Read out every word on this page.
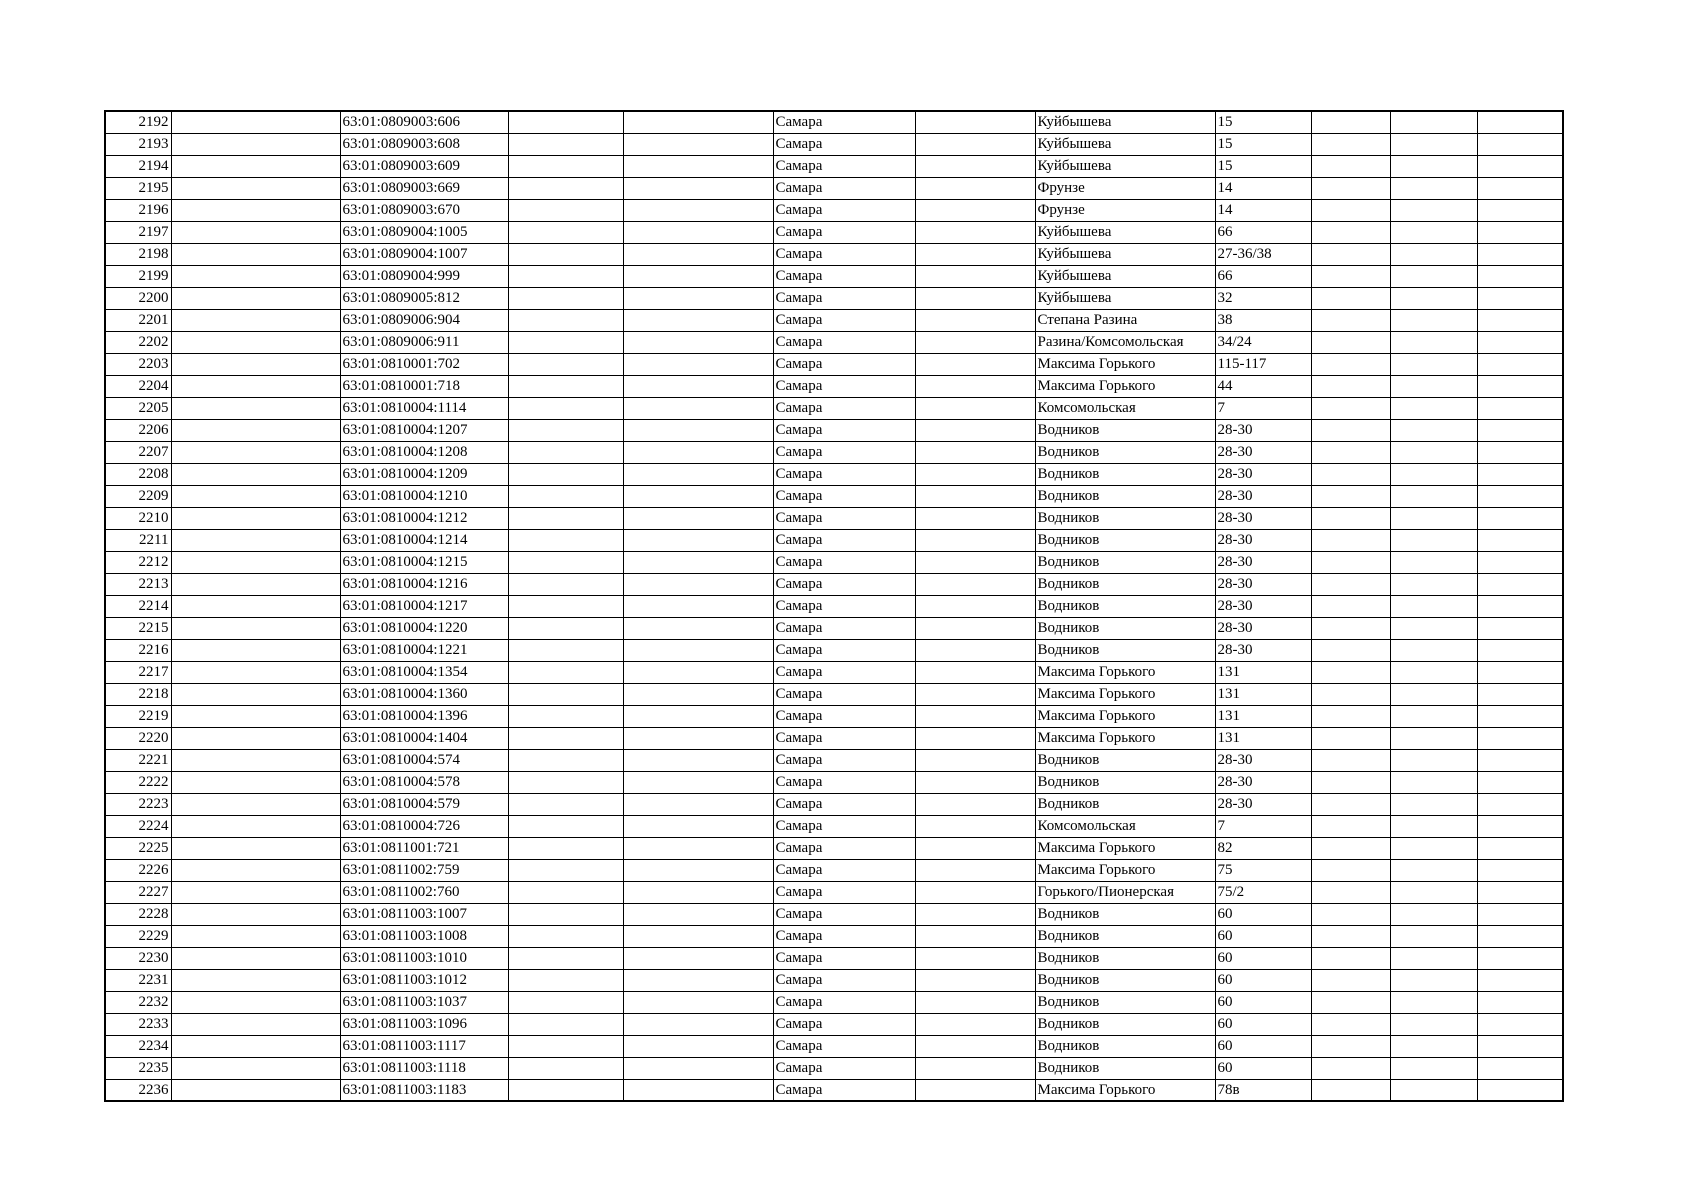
2192		63:01:0809003:606			Самара		Куйбышева	15			
2193		63:01:0809003:608			Самара		Куйбышева	15			
2194		63:01:0809003:609			Самара		Куйбышева	15			
2195		63:01:0809003:669			Самара		Фрунзе	14			
2196		63:01:0809003:670			Самара		Фрунзе	14			
2197		63:01:0809004:1005			Самара		Куйбышева	66			
2198		63:01:0809004:1007			Самара		Куйбышева	27-36/38			
2199		63:01:0809004:999			Самара		Куйбышева	66			
2200		63:01:0809005:812			Самара		Куйбышева	32			
2201		63:01:0809006:904			Самара		Степана Разина	38			
2202		63:01:0809006:911			Самара		Разина/Комсомольская	34/24			
2203		63:01:0810001:702			Самара		Максима Горького	115-117			
2204		63:01:0810001:718			Самара		Максима Горького	44			
2205		63:01:0810004:1114			Самара		Комсомольская	7			
2206		63:01:0810004:1207			Самара		Водников	28-30			
2207		63:01:0810004:1208			Самара		Водников	28-30			
2208		63:01:0810004:1209			Самара		Водников	28-30			
2209		63:01:0810004:1210			Самара		Водников	28-30			
2210		63:01:0810004:1212			Самара		Водников	28-30			
2211		63:01:0810004:1214			Самара		Водников	28-30			
2212		63:01:0810004:1215			Самара		Водников	28-30			
2213		63:01:0810004:1216			Самара		Водников	28-30			
2214		63:01:0810004:1217			Самара		Водников	28-30			
2215		63:01:0810004:1220			Самара		Водников	28-30			
2216		63:01:0810004:1221			Самара		Водников	28-30			
2217		63:01:0810004:1354			Самара		Максима Горького	131			
2218		63:01:0810004:1360			Самара		Максима Горького	131			
2219		63:01:0810004:1396			Самара		Максима Горького	131			
2220		63:01:0810004:1404			Самара		Максима Горького	131			
2221		63:01:0810004:574			Самара		Водников	28-30			
2222		63:01:0810004:578			Самара		Водников	28-30			
2223		63:01:0810004:579			Самара		Водников	28-30			
2224		63:01:0810004:726			Самара		Комсомольская	7			
2225		63:01:0811001:721			Самара		Максима Горького	82			
2226		63:01:0811002:759			Самара		Максима Горького	75			
2227		63:01:0811002:760			Самара		Горького/Пионерская	75/2			
2228		63:01:0811003:1007			Самара		Водников	60			
2229		63:01:0811003:1008			Самара		Водников	60			
2230		63:01:0811003:1010			Самара		Водников	60			
2231		63:01:0811003:1012			Самара		Водников	60			
2232		63:01:0811003:1037			Самара		Водников	60			
2233		63:01:0811003:1096			Самара		Водников	60			
2234		63:01:0811003:1117			Самара		Водников	60			
2235		63:01:0811003:1118			Самара		Водников	60			
2236		63:01:0811003:1183			Самара		Максима Горького	78в			
